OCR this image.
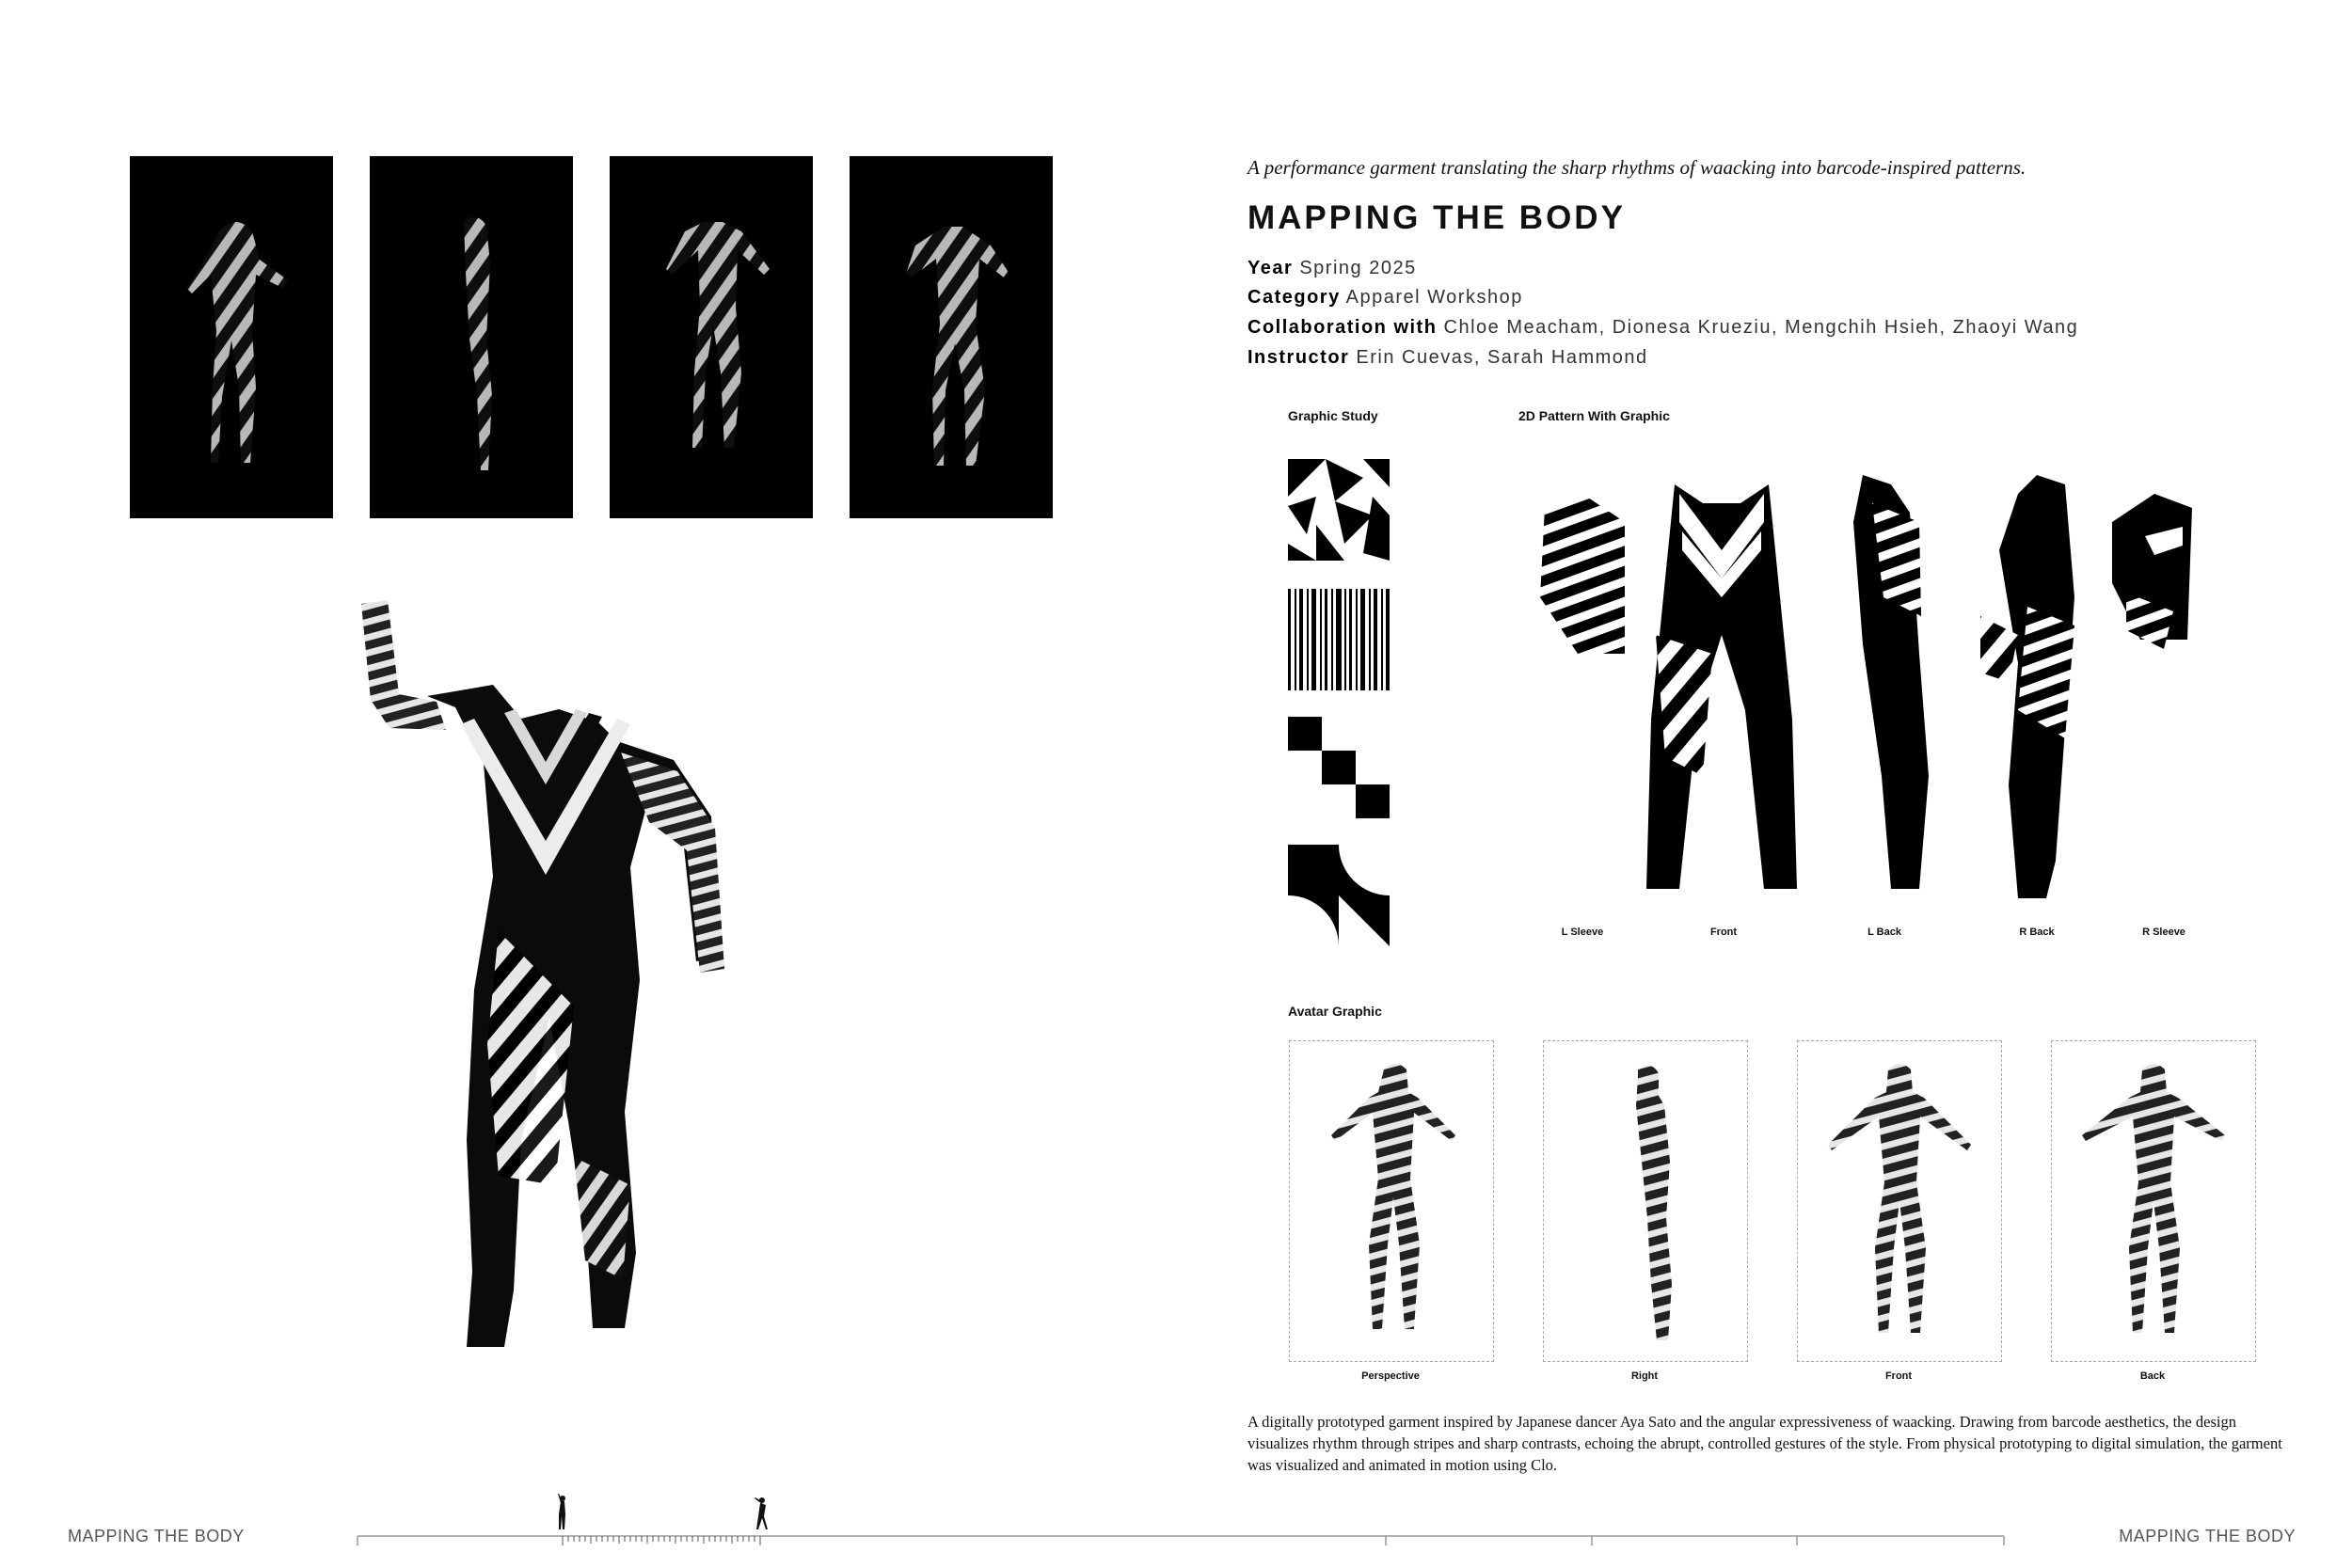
A performance garment translating the sharp rhythms of waacking into barcode-inspired patterns.
MAPPING THE BODY
Year Spring 2025
Category Apparel Workshop
Collaboration with Chloe Meacham, Dionesa Krueziu, Mengchih Hsieh, Zhaoyi Wang
Instructor Erin Cuevas, Sarah Hammond
Graphic Study	2D Pattern With Graphic
L Sleeve	Front	L Back	R Back	R Sleeve
Avatar Graphic
Perspective	Right	Front	Back
A digitally prototyped garment inspired by Japanese dancer Aya Sato and the angular expressiveness of waacking. Drawing from barcode aesthetics, the design visualizes rhythm through stripes and sharp contrasts, echoing the abrupt, controlled gestures of the style. From physical prototyping to digital simulation, the garment was visualized and animated in motion using Clo.
MAPPING THE BODY	MAPPING THE BODY
